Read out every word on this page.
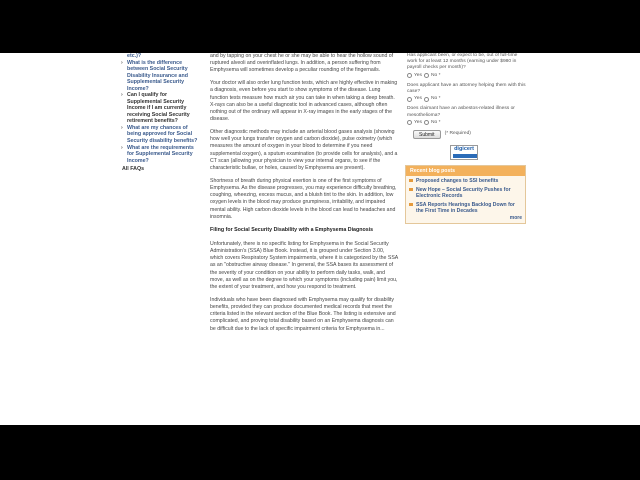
etc.)?
› What is the difference between Social Security Disability Insurance and Supplemental Security Income?
› Can I qualify for Supplemental Security Income if I am currently receiving Social Security retirement benefits?
› What are my chances of being approved for Social Security disability benefits?
› What are the requirements for Supplemental Security Income?
All FAQs

and by tapping on your chest he or she may be able to hear the hollow sound of ruptured alveoli and overinflated lungs. In addition, a person suffering from Emphysema will sometimes develop a peculiar rounding of the fingernails.

Your doctor will also order lung function tests, which are highly effective in making a diagnosis, even before you start to show symptoms of the disease. Lung function tests measure how much air you can take in when taking a deep breath. X-rays can also be a useful diagnostic tool in advanced cases, although often nothing out of the ordinary will appear in X-ray images in the early stages of the disease.

Other diagnostic methods may include an arterial blood gases analysis (showing how well your lungs transfer oxygen and carbon dioxide), pulse oximetry (which measures the amount of oxygen in your blood to determine if you need supplemental oxygen), a sputum examination (to provide cells for analysis), and a CT scan (allowing your physician to view your internal organs, to see if the characteristic bullae, or holes, caused by Emphysema are present).

Shortness of breath during physical exertion is one of the first symptoms of Emphysema. As the disease progresses, you may experience difficulty breathing, coughing, wheezing, excess mucus, and a bluish tint to the skin. In addition, low oxygen levels in the blood may produce grumpiness, irritability, and impaired mental ability. High carbon dioxide levels in the blood can lead to headaches and insomnia.

Filing for Social Security Disability with a Emphysema Diagnosis

Unfortunately, there is no specific listing for Emphysema in the Social Security Administration's (SSA) Blue Book. Instead, it is grouped under Section 3.00, which covers Respiratory System impairments, where it is categorized by the SSA as an "obstructive airway disease." In general, the SSA bases its assessment of the severity of your condition on your ability to perform daily tasks, walk, and move, as well as on the degree to which your symptoms (including pain) limit you, the extent of your treatment, and how you respond to treatment.

Individuals who have been diagnosed with Emphysema may qualify for disability benefits, provided they can produce documented medical records that meet the criteria listed in the relevant section of the Blue Book. The listing is extensive and complicated, and proving total disability based on an Emphysema diagnosis can be difficult due to the lack of specific impairment criteria for Emphysema in...

Has applicant been, or expect to be, out of full-time work for at least 12 months (earning under $980 in payroll checks per month)?
Yes No *
Does applicant have an attorney helping them with this case?
Yes No *
Does claimant have an asbestos-related illness or mesothelioma?
Yes No *
Submit	(* Required)
digicert
Recent blog posts
Proposed changes to SSI benefits
New Hope – Social Security Pushes for Electronic Records
SSA Reports Hearings Backlog Down for the First Time in Decades
more
